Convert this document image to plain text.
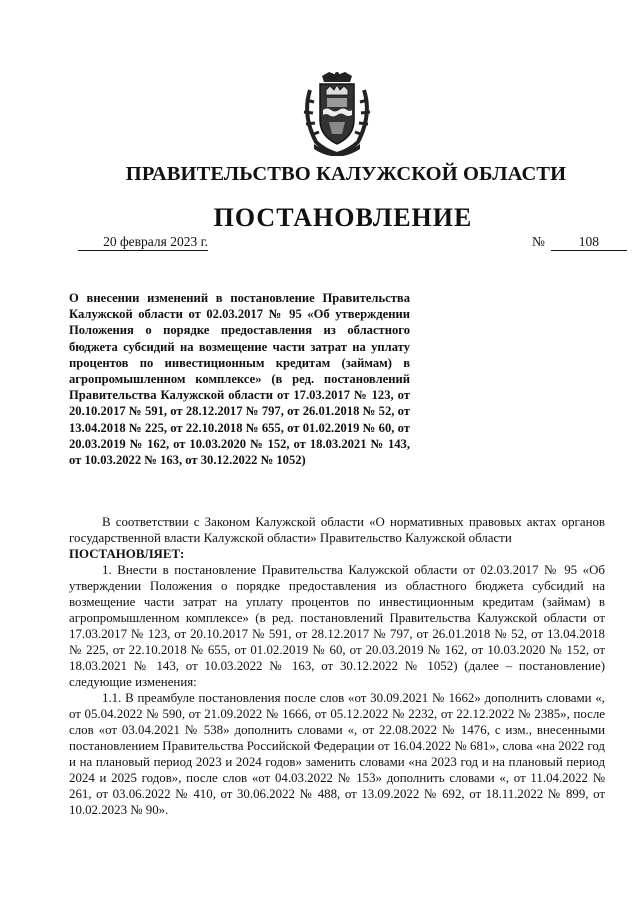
ПРАВИТЕЛЬСТВО КАЛУЖСКОЙ ОБЛАСТИ
ПОСТАНОВЛЕНИЕ
20 февраля 2023 г.	№	108
О внесении изменений в постановление Правительства Калужской области от 02.03.2017 № 95 «Об утверждении Положения о порядке предоставления из областного бюджета субсидий на возмещение части затрат на уплату процентов по инвестиционным кредитам (займам) в агропромышленном комплексе» (в ред. постановлений Правительства Калужской области от 17.03.2017 № 123, от 20.10.2017 № 591, от 28.12.2017 № 797, от 26.01.2018 № 52, от 13.04.2018 № 225, от 22.10.2018 № 655, от 01.02.2019 № 60, от 20.03.2019 № 162, от 10.03.2020 № 152, от 18.03.2021 № 143, от 10.03.2022 № 163, от 30.12.2022 № 1052)

В соответствии с Законом Калужской области «О нормативных правовых актах органов государственной власти Калужской области» Правительство Калужской области

ПОСТАНОВЛЯЕТ:

1. Внести в постановление Правительства Калужской области от 02.03.2017 № 95 «Об утверждении Положения о порядке предоставления из областного бюджета субсидий на возмещение части затрат на уплату процентов по инвестиционным кредитам (займам) в агропромышленном комплексе» (в ред. постановлений Правительства Калужской области от 17.03.2017 № 123, от 20.10.2017 № 591, от 28.12.2017 № 797, от 26.01.2018 № 52, от 13.04.2018 № 225, от 22.10.2018 № 655, от 01.02.2019 № 60, от 20.03.2019 № 162, от 10.03.2020 № 152, от 18.03.2021 № 143, от 10.03.2022 № 163, от 30.12.2022 № 1052) (далее – постановление) следующие изменения:

1.1. В преамбуле постановления после слов «от 30.09.2021 № 1662» дополнить словами «, от 05.04.2022 № 590, от 21.09.2022 № 1666, от 05.12.2022 № 2232, от 22.12.2022 № 2385», после слов «от 03.04.2021 № 538» дополнить словами «, от 22.08.2022 № 1476, с изм., внесенными постановлением Правительства Российской Федерации от 16.04.2022 № 681», слова «на 2022 год и на плановый период 2023 и 2024 годов» заменить словами «на 2023 год и на плановый период 2024 и 2025 годов», после слов «от 04.03.2022 № 153» дополнить словами «, от 11.04.2022 № 261, от 03.06.2022 № 410, от 30.06.2022 № 488, от 13.09.2022 № 692, от 18.11.2022 № 899, от 10.02.2023 № 90».
